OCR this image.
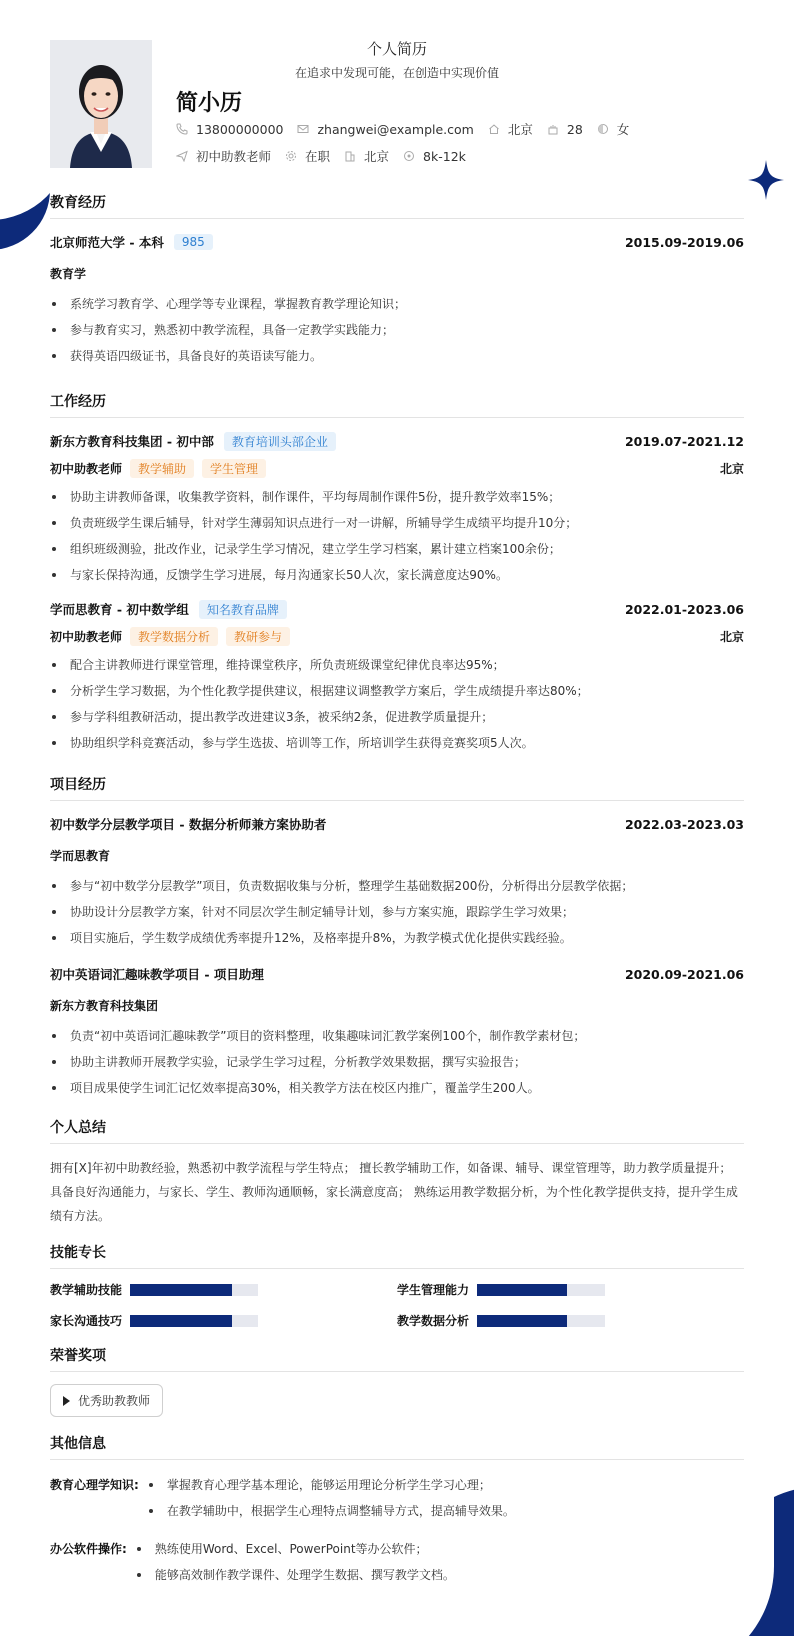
个人简历
在追求中发现可能，在创造中实现价值
简小历
13800000000	zhangwei@example.com	北京	28	女
初中助教老师	在职	北京	8k-12k
教育经历
北京师范大学 - 本科	985	2015.09-2019.06
教育学
系统学习教育学、心理学等专业课程，掌握教育教学理论知识；
参与教育实习，熟悉初中教学流程，具备一定教学实践能力；
获得英语四级证书，具备良好的英语读写能力。
工作经历
新东方教育科技集团 - 初中部	教育培训头部企业	2019.07-2021.12
初中助教老师	教学辅助	学生管理	北京
协助主讲教师备课，收集教学资料，制作课件，平均每周制作课件5份，提升教学效率15%；
负责班级学生课后辅导，针对学生薄弱知识点进行一对一讲解，所辅导学生成绩平均提升10分；
组织班级测验，批改作业，记录学生学习情况，建立学生学习档案，累计建立档案100余份；
与家长保持沟通，反馈学生学习进展，每月沟通家长50人次，家长满意度达90%。
学而思教育 - 初中数学组	知名教育品牌	2022.01-2023.06
初中助教老师	教学数据分析	教研参与	北京
配合主讲教师进行课堂管理，维持课堂秩序，所负责班级课堂纪律优良率达95%；
分析学生学习数据，为个性化教学提供建议，根据建议调整教学方案后，学生成绩提升率达80%；
参与学科组教研活动，提出教学改进建议3条，被采纳2条，促进教学质量提升；
协助组织学科竞赛活动，参与学生选拔、培训等工作，所培训学生获得竞赛奖项5人次。
项目经历
初中数学分层教学项目 - 数据分析师兼方案协助者	2022.03-2023.03
学而思教育
参与“初中数学分层教学”项目，负责数据收集与分析，整理学生基础数据200份，分析得出分层教学依据；
协助设计分层教学方案，针对不同层次学生制定辅导计划，参与方案实施，跟踪学生学习效果；
项目实施后，学生数学成绩优秀率提升12%，及格率提升8%，为教学模式优化提供实践经验。
初中英语词汇趣味教学项目 - 项目助理	2020.09-2021.06
新东方教育科技集团
负责“初中英语词汇趣味教学”项目的资料整理，收集趣味词汇教学案例100个，制作教学素材包；
协助主讲教师开展教学实验，记录学生学习过程，分析教学效果数据，撰写实验报告；
项目成果使学生词汇记忆效率提高30%，相关教学方法在校区内推广，覆盖学生200人。
个人总结
拥有[X]年初中助教经验，熟悉初中教学流程与学生特点； 擅长教学辅助工作，如备课、辅导、课堂管理等，助力教学质量提升； 具备良好沟通能力，与家长、学生、教师沟通顺畅，家长满意度高； 熟练运用教学数据分析，为个性化教学提供支持，提升学生成绩有方法。
技能专长
教学辅助技能	学生管理能力
家长沟通技巧	教学数据分析
荣誉奖项
优秀助教教师
其他信息
教育心理学知识:	掌握教育心理学基本理论，能够运用理论分析学生学习心理；
在教学辅助中，根据学生心理特点调整辅导方式，提高辅导效果。
办公软件操作:	熟练使用Word、Excel、PowerPoint等办公软件；
能够高效制作教学课件、处理学生数据、撰写教学文档。
